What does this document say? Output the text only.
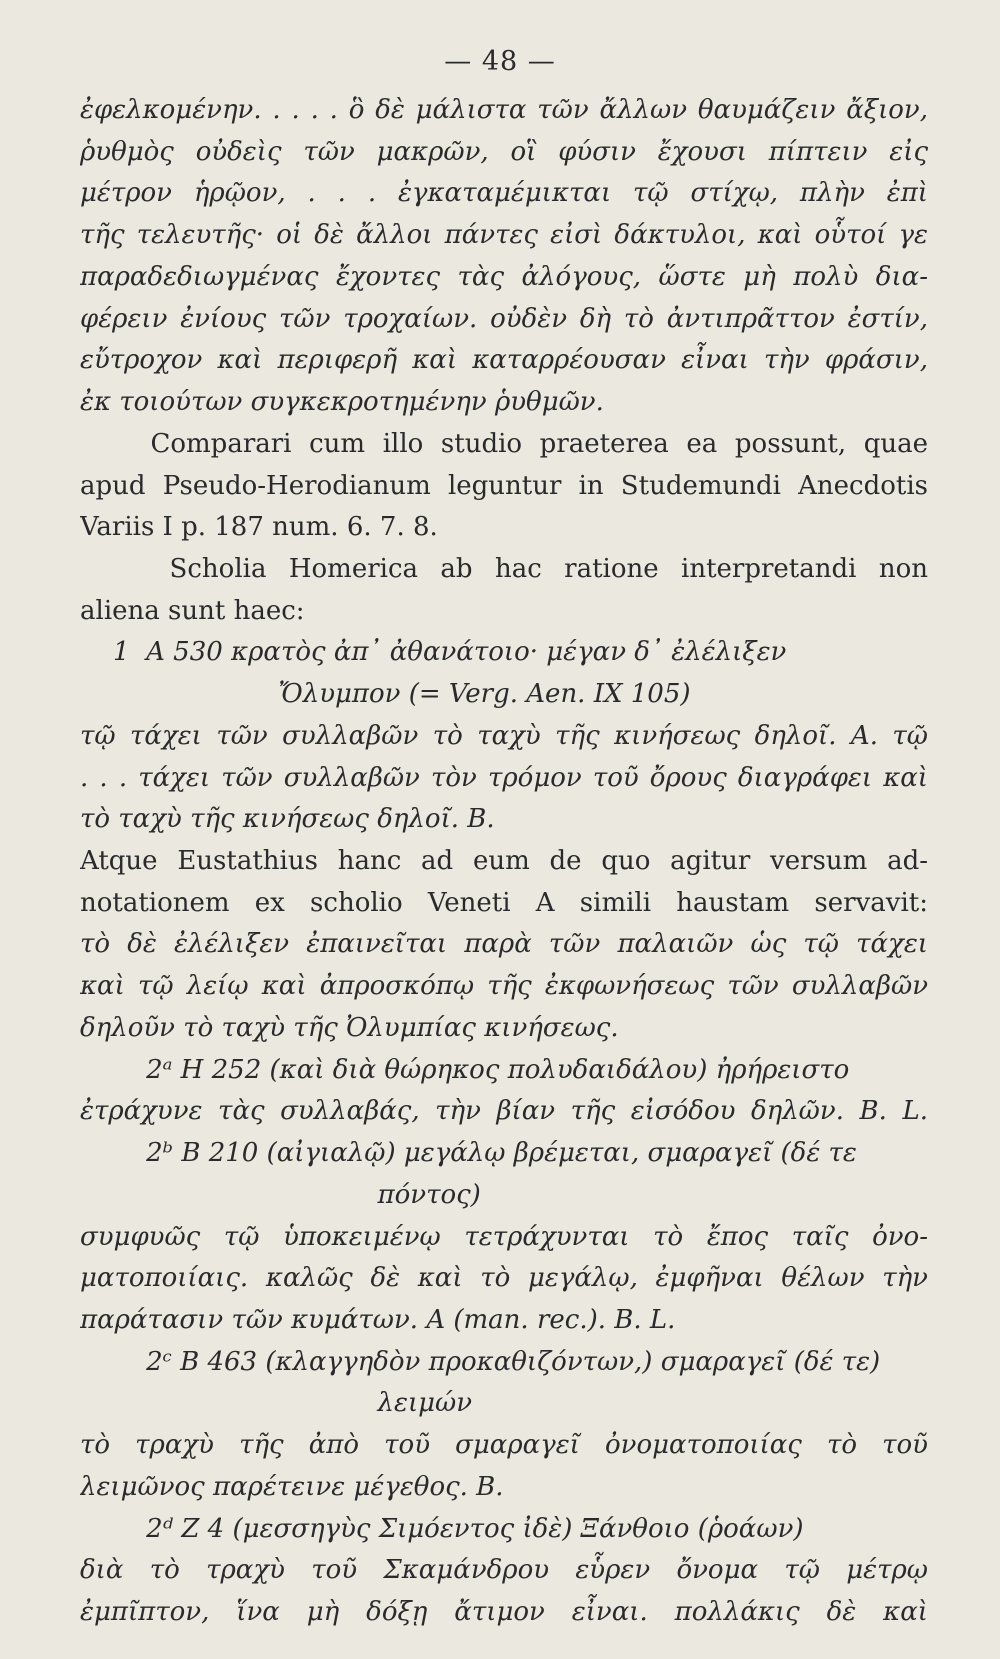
— 48 —
ἐφελκομένην. . . . . ὃ δὲ μάλιστα τῶν ἄλλων θαυμάζειν ἄξιον,
ῥυθμὸς οὐδεὶς τῶν μακρῶν, οἳ φύσιν ἔχουσι πίπτειν εἰς
μέτρον ἡρῷον, . . . ἐγκαταμέμικται τῷ στίχῳ, πλὴν ἐπὶ
τῆς τελευτῆς· οἱ δὲ ἄλλοι πάντες εἰσὶ δάκτυλοι, καὶ οὗτοί γε
παραδεδιωγμένας ἔχοντες τὰς ἀλόγους, ὥστε μὴ πολὺ δια-
φέρειν ἐνίους τῶν τροχαίων. οὐδὲν δὴ τὸ ἀντιπρᾶττον ἐστίν,
εὔτροχον καὶ περιφερῆ καὶ καταρρέουσαν εἶναι τὴν φράσιν,
ἐκ τοιούτων συγκεκροτημένην ῥυθμῶν.
Comparari cum illo studio praeterea ea possunt, quae
apud Pseudo-Herodianum leguntur in Studemundi Anecdotis
Variis I p. 187 num. 6. 7. 8.
Scholia Homerica ab hac ratione interpretandi non
aliena sunt haec:
1  Α 530 κρατὸς ἀπ᾽ ἀθανάτοιο· μέγαν δ᾽ ἐλέλιξεν
Ὄλυμπον (= Verg. Aen. IX 105)
τῷ τάχει τῶν συλλαβῶν τὸ ταχὺ τῆς κινήσεως δηλοῖ. A. τῷ
. . . τάχει τῶν συλλαβῶν τὸν τρόμον τοῦ ὄρους διαγράφει καὶ
τὸ ταχὺ τῆς κινήσεως δηλοῖ. B.
Atque Eustathius hanc ad eum de quo agitur versum ad-
notationem ex scholio Veneti A simili haustam servavit:
τὸ δὲ ἐλέλιξεν ἐπαινεῖται παρὰ τῶν παλαιῶν ὡς τῷ τάχει
καὶ τῷ λείῳ καὶ ἀπροσκόπῳ τῆς ἐκφωνήσεως τῶν συλλαβῶν
δηλοῦν τὸ ταχὺ τῆς Ὀλυμπίας κινήσεως.
2ᵃ Η 252 (καὶ διὰ θώρηκος πολυδαιδάλου) ἠρήρειστο
ἐτράχυνε τὰς συλλαβάς, τὴν βίαν τῆς εἰσόδου δηλῶν. B. L.
2ᵇ Β 210 (αἰγιαλῷ) μεγάλῳ βρέμεται, σμαραγεῖ (δέ τε
πόντος)
συμφυῶς τῷ ὑποκειμένῳ τετράχυνται τὸ ἔπος ταῖς ὀνο-
ματοποιίαις. καλῶς δὲ καὶ τὸ μεγάλῳ, ἐμφῆναι θέλων τὴν
παράτασιν τῶν κυμάτων. A (man. rec.). B. L.
2ᶜ Β 463 (κλαγγηδὸν προκαθιζόντων,) σμαραγεῖ (δέ τε)
λειμών
τὸ τραχὺ τῆς ἀπὸ τοῦ σμαραγεῖ ὀνοματοποιίας τὸ τοῦ
λειμῶνος παρέτεινε μέγεθος. B.
2ᵈ Ζ 4 (μεσσηγὺς Σιμόεντος ἰδὲ) Ξάνθοιο (ῥοάων)
διὰ τὸ τραχὺ τοῦ Σκαμάνδρου εὗρεν ὄνομα τῷ μέτρῳ
ἐμπῖπτον, ἵνα μὴ δόξῃ ἄτιμον εἶναι. πολλάκις δὲ καὶ
